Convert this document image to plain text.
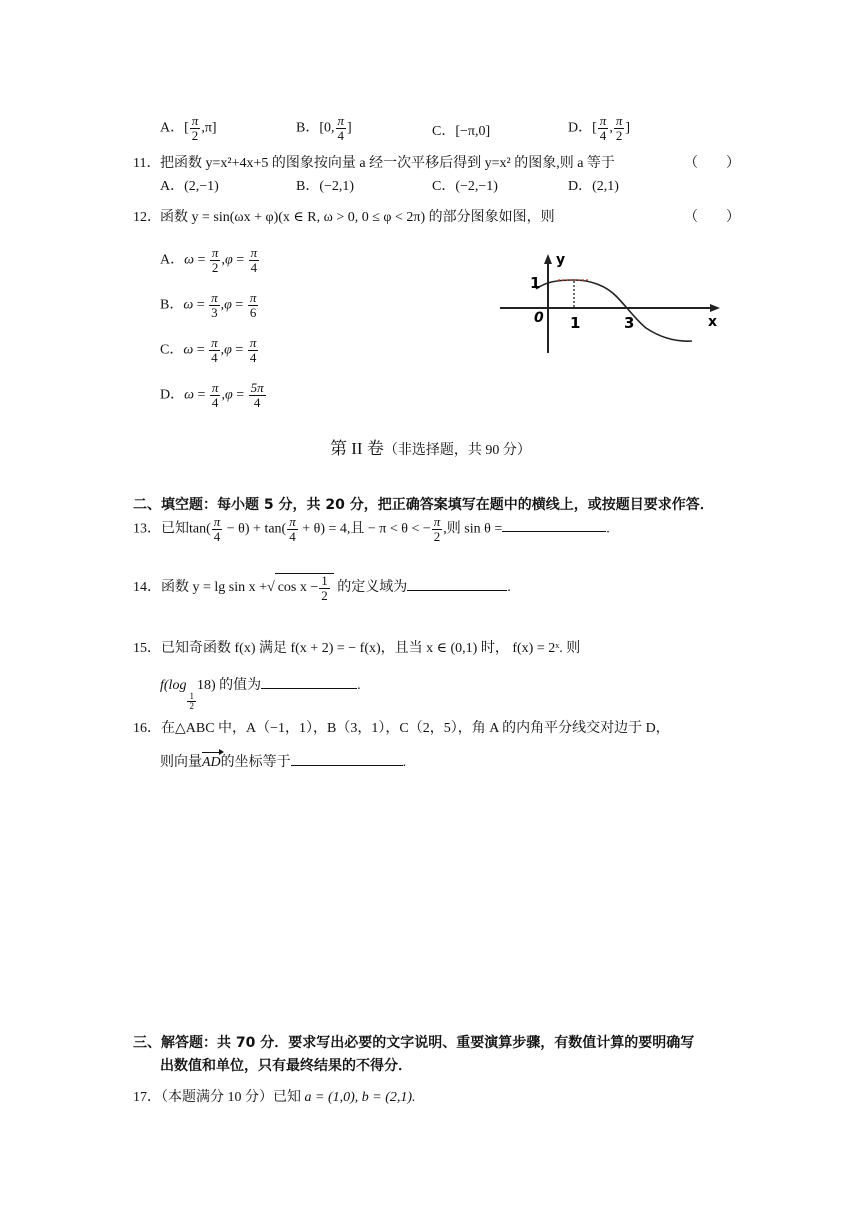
A．[ $\frac{\pi}{2} ,\pi$]	B．[0, $\frac{\pi}{4}$ ]	C．[−π,0]	D．[ $\frac{\pi}{4}$ , $\frac{\pi}{2}$ ]
11． 把函数 y=x²+4x+5 的图象按向量 a 经一次平移后得到 y=x² 的图象,则 a 等于	（　　）
A．(2,−1)	B．(−2,1)	C．(−2,−1)	D．(2,1)
12． 函数 y = sin(ωx + φ)(x ∈ R, ω > 0, 0 ≤ φ < 2π) 的部分图象如图，则	（　　）
A．$\omega = \frac{\pi}{2} ,\varphi = \frac{\pi}{4}$
B．$\omega = \frac{\pi}{3} ,\varphi = \frac{\pi}{6}$
C．$\omega = \frac{\pi}{4} ,\varphi = \frac{\pi}{4}$
D．$\omega = \frac{\pi}{4} ,\varphi = \frac{5\pi}{4}$
1
y
0 1	3	x
第 II 卷（非选择题，共 90 分）
二、填空题：每小题 5 分，共 20 分，把正确答案填写在题中的横线上，或按题目要求作答．
13．已知$\tan( \frac{\pi}{4} - \theta) + \tan( \frac{\pi}{4} + \theta) = 4$,且 − π < θ < − $\frac{\pi}{2}$ ,则 sin θ =	.
14．函数 y = lg sin x + √ $\cos x - \frac{1}{2}$ 的定义域为	.
15．已知奇函数 f(x) 满足 f(x + 2) = − f(x)，且当 x ∈ (0,1) 时， f(x) = 2ˣ. 则
f(log
$\frac{1}{2}$
18) 的值为	.
16．在△ABC 中，A（−1，1），B（3，1），C（2，5），角 A 的内角平分线交对边于 D，
则向量AD的坐标等于	.
三、解答题：共 70 分．要求写出必要的文字说明、重要演算步骤，有数值计算的要明确写
出数值和单位，只有最终结果的不得分．
17．（本题满分 10 分）已知 a = (1,0), b = (2,1).
